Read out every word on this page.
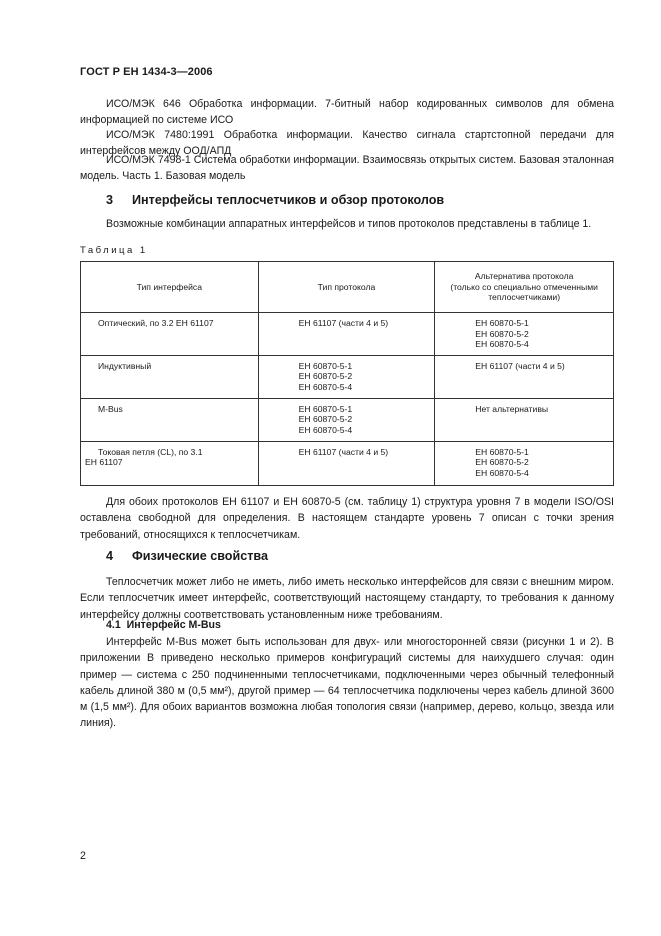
ГОСТ Р ЕН 1434-3—2006
ИСО/МЭК 646 Обработка информации. 7-битный набор кодированных символов для обмена информацией по системе ИСО
ИСО/МЭК 7480:1991 Обработка информации. Качество сигнала стартстопной передачи для интерфейсов между ООД/АПД
ИСО/МЭК 7498-1 Система обработки информации. Взаимосвязь открытых систем. Базовая эталонная модель. Часть 1. Базовая модель
3 Интерфейсы теплосчетчиков и обзор протоколов
Возможные комбинации аппаратных интерфейсов и типов протоколов представлены в таблице 1.
Таблица 1
Тип интерфейса	Тип протокола	Альтернатива протокола
(только со специально отмеченными
теплосчетчиками)

Оптический, по 3.2 ЕН 61107	ЕН 61107 (части 4 и 5)	ЕН 60870-5-1
ЕН 60870-5-2
ЕН 60870-5-4

Индуктивный	ЕН 60870-5-1
ЕН 60870-5-2
ЕН 60870-5-4	ЕН 61107 (части 4 и 5)

M-Bus	ЕН 60870-5-1
ЕН 60870-5-2
ЕН 60870-5-4	Нет альтернативы

Токовая петля (CL), по 3.1
ЕН 61107	ЕН 61107 (части 4 и 5)	ЕН 60870-5-1
ЕН 60870-5-2
ЕН 60870-5-4
Для обоих протоколов ЕН 61107 и ЕН 60870-5 (см. таблицу 1) структура уровня 7 в модели ISO/OSI оставлена свободной для определения. В настоящем стандарте уровень 7 описан с точки зрения требований, относящихся к теплосчетчикам.
4 Физические свойства
Теплосчетчик может либо не иметь, либо иметь несколько интерфейсов для связи с внешним миром. Если теплосчетчик имеет интерфейс, соответствующий настоящему стандарту, то требования к данному интерфейсу должны соответствовать установленным ниже требованиям.
4.1 Интерфейс M-Bus
Интерфейс M-Bus может быть использован для двух- или многосторонней связи (рисунки 1 и 2). В приложении В приведено несколько примеров конфигураций системы для наихудшего случая: один пример — система с 250 подчиненными теплосчетчиками, подключенными через обычный телефонный кабель длиной 380 м (0,5 мм²), другой пример — 64 теплосчетчика подключены через кабель длиной 3600 м (1,5 мм²). Для обоих вариантов возможна любая топология связи (например, дерево, кольцо, звезда или линия).
2
